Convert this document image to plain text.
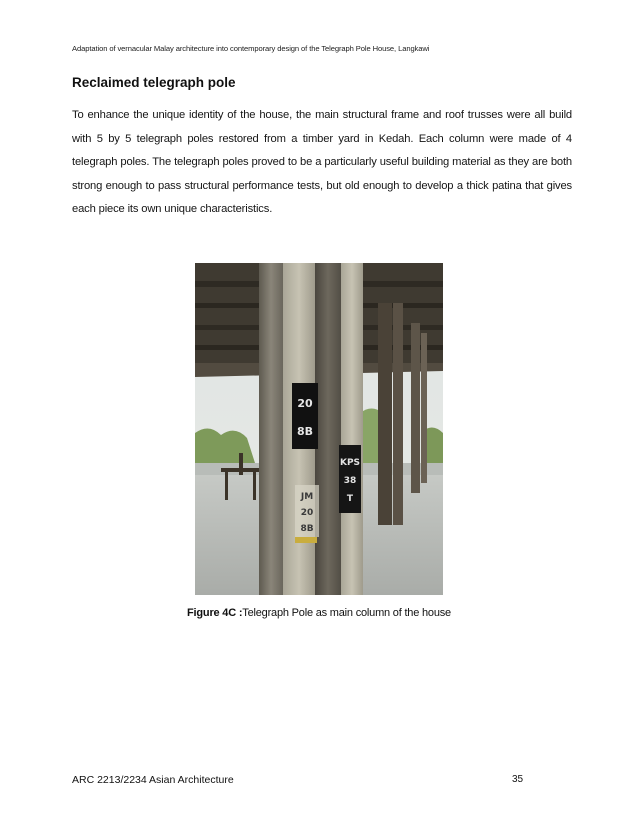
Adaptation of vernacular Malay architecture into contemporary design of the Telegraph Pole House, Langkawi
Reclaimed telegraph pole
To enhance the unique identity of the house, the main structural frame and roof trusses were all build with 5 by 5 telegraph poles restored from a timber yard in Kedah. Each column were made of 4 telegraph poles. The telegraph poles proved to be a particularly useful building material as they are both strong enough to pass structural performance tests, but old enough to develop a thick patina that gives each piece its own unique characteristics.
20
8B
KPS
38
T
JM
20
8B
Figure 4C :Telegraph Pole as main column of the house
ARC 2213/2234 Asian Architecture	35
